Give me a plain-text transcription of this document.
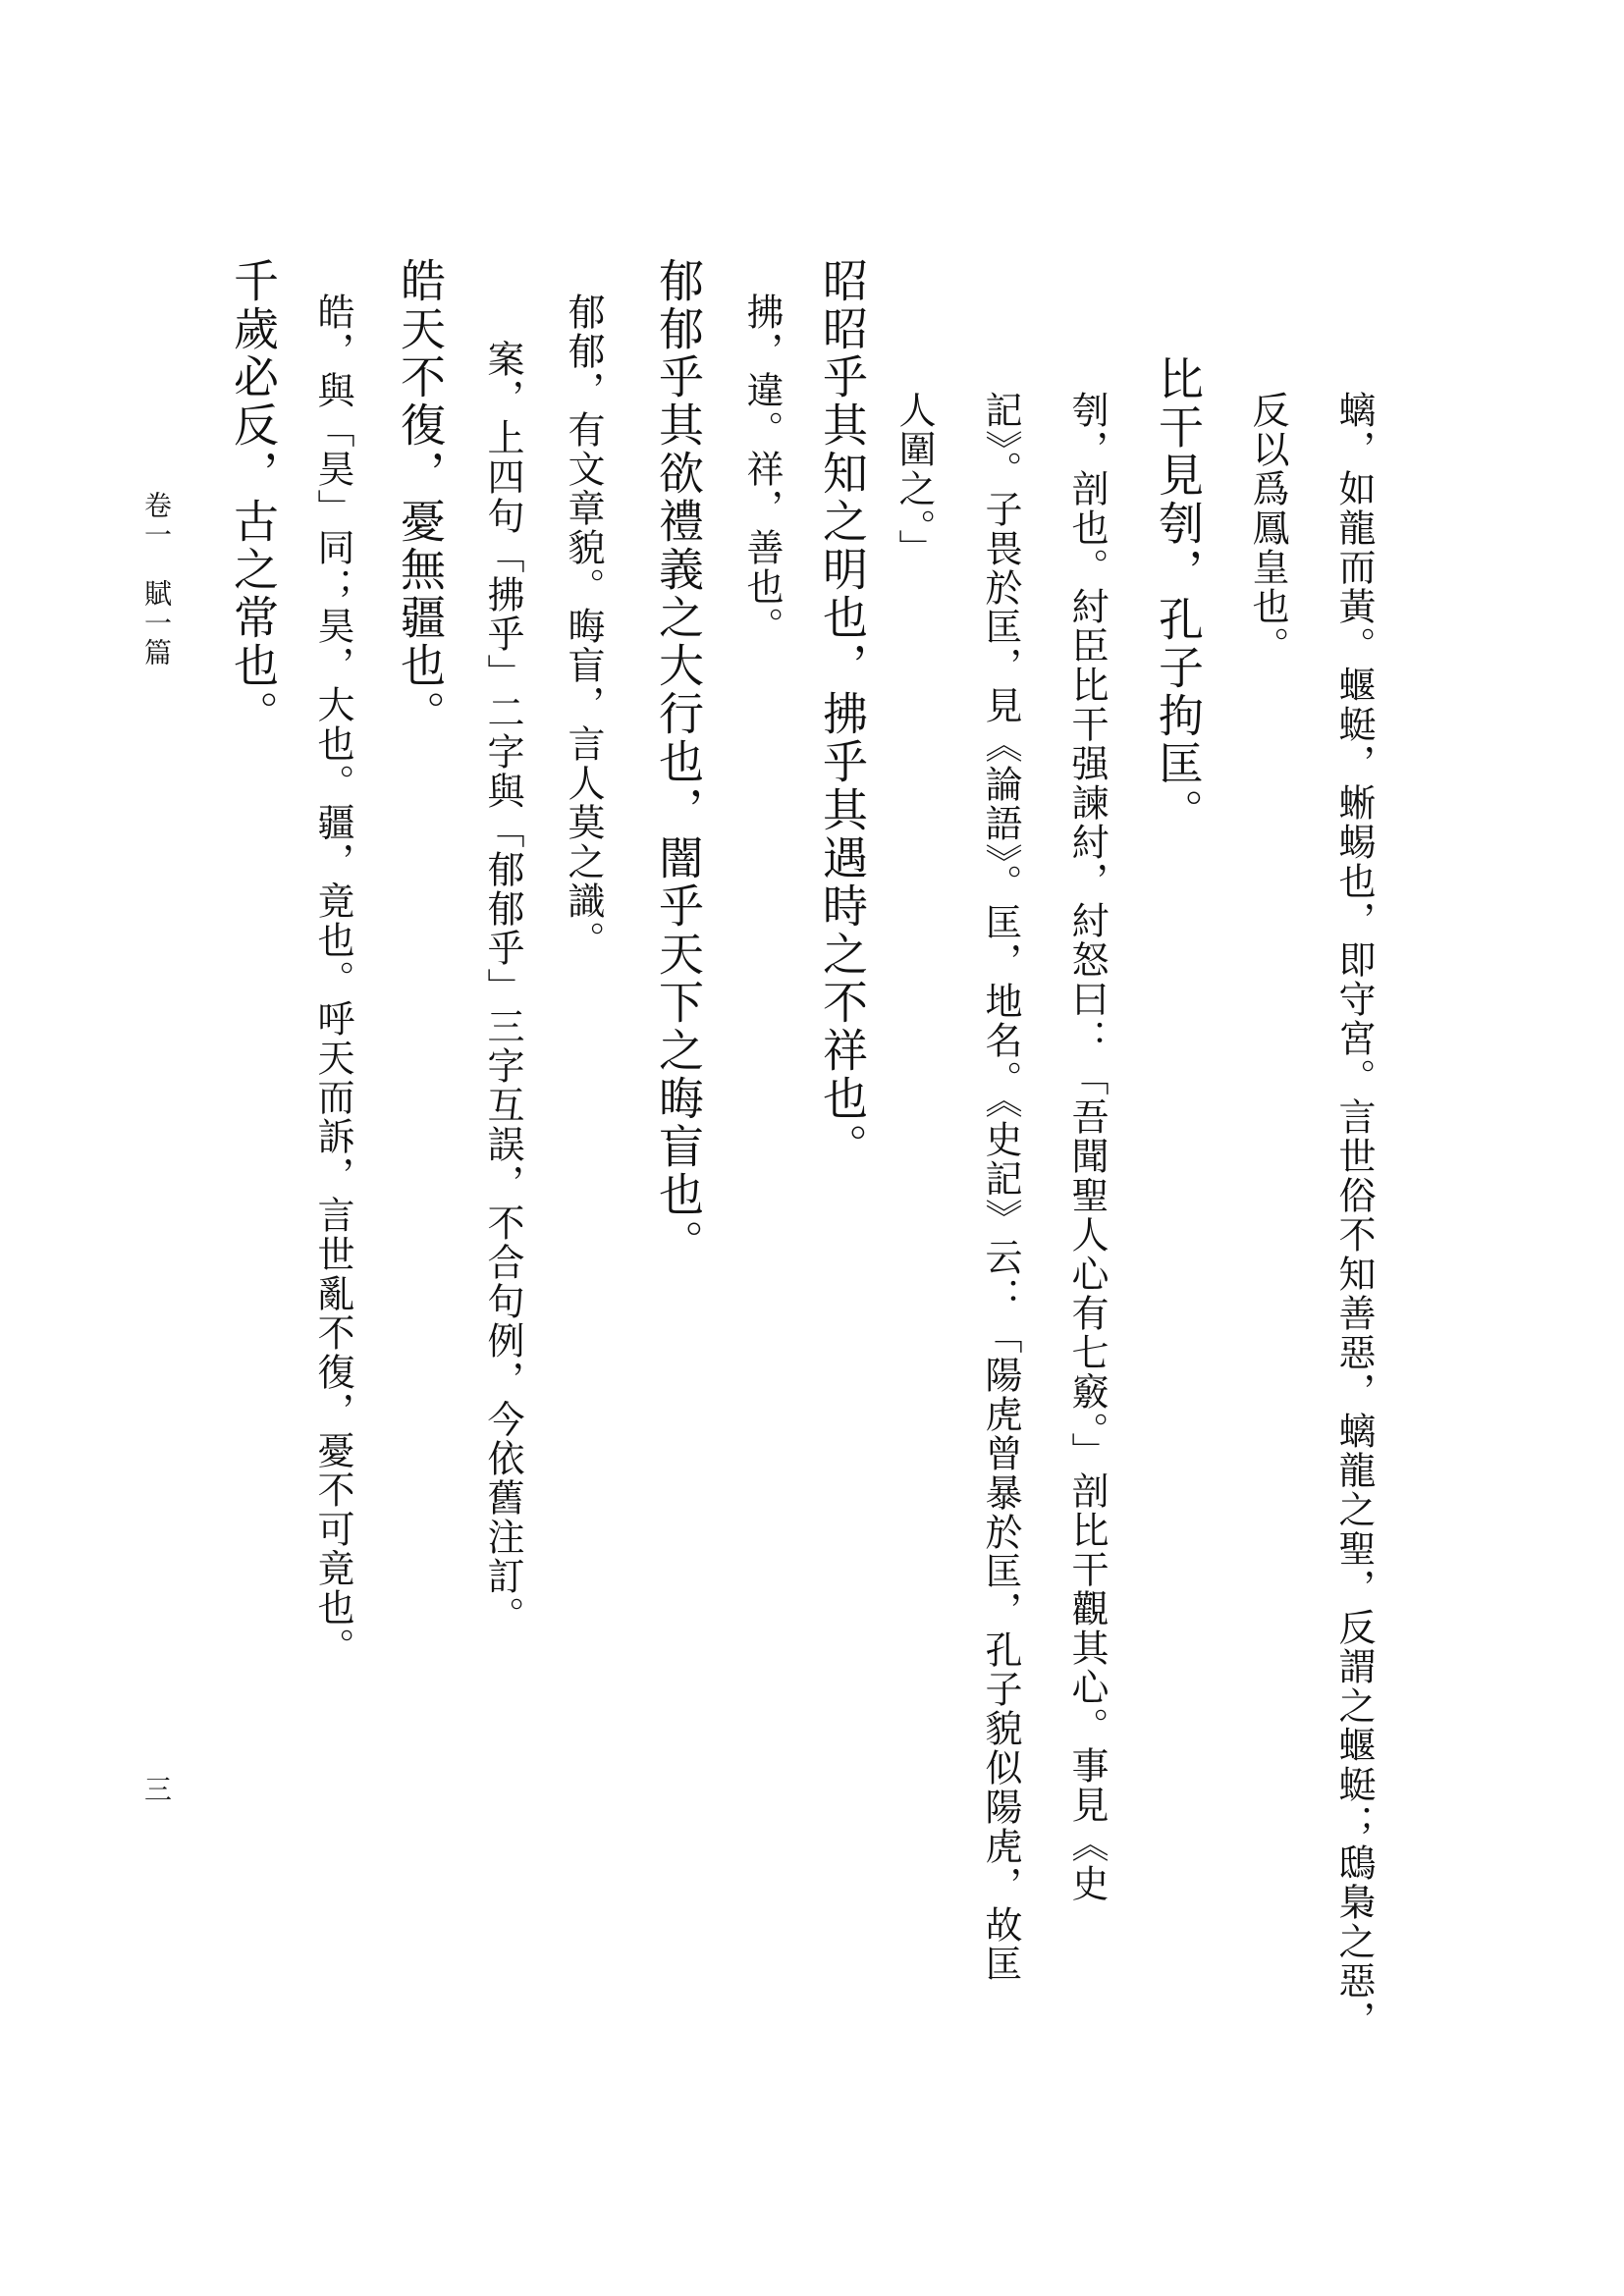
螭，如龍而黃。蝘蜓，蜥蜴也，即守宮。言世俗不知善惡，螭龍之聖，反謂之蝘蜓；鴟梟之惡，
反以爲鳳皇也。
比干見刳，孔子拘匡。
刳，剖也。紂臣比干强諫紂，紂怒曰：「吾聞聖人心有七竅。」剖比干觀其心。事見《史
記》。子畏於匡，見《論語》。匡，地名。《史記》云：「陽虎曾暴於匡，孔子貌似陽虎，故匡
人圍之。」
昭昭乎其知之明也，拂乎其遇時之不祥也。
拂，違。祥，善也。
郁郁乎其欲禮義之大行也，闇乎天下之晦盲也。
郁郁，有文章貌。晦盲，言人莫之識。
案，上四句「拂乎」二字與「郁郁乎」三字互誤，不合句例，今依舊注訂。
皓天不復，憂無疆也。
皓，與「昊」同；昊，大也。疆，竟也。呼天而訴，言世亂不復，憂不可竟也。
千歲必反，古之常也。
卷一　賦一篇
三
